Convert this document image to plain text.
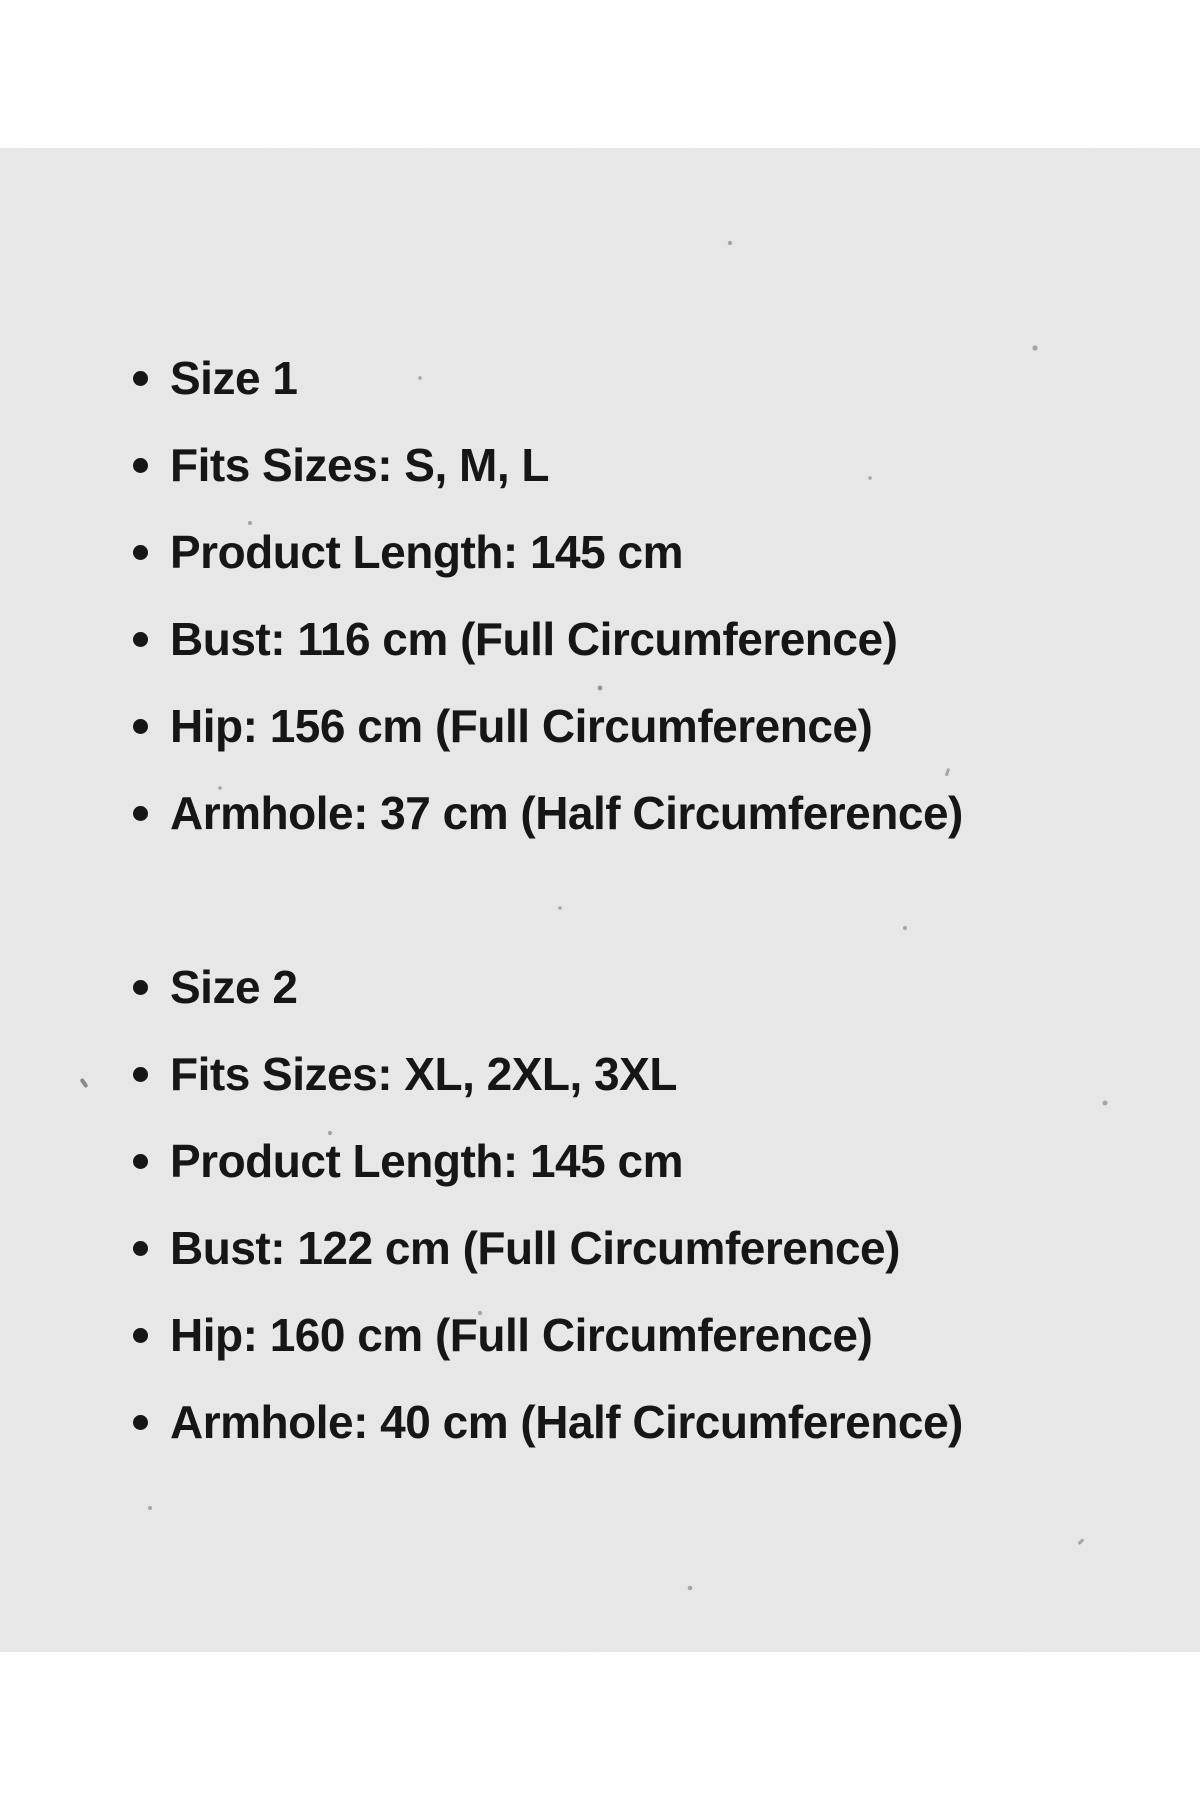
Size 1
Fits Sizes: S, M, L
Product Length: 145 cm
Bust: 116 cm (Full Circumference)
Hip: 156 cm (Full Circumference)
Armhole: 37 cm (Half Circumference)
Size 2
Fits Sizes: XL, 2XL, 3XL
Product Length: 145 cm
Bust: 122 cm (Full Circumference)
Hip: 160 cm (Full Circumference)
Armhole: 40 cm (Half Circumference)
